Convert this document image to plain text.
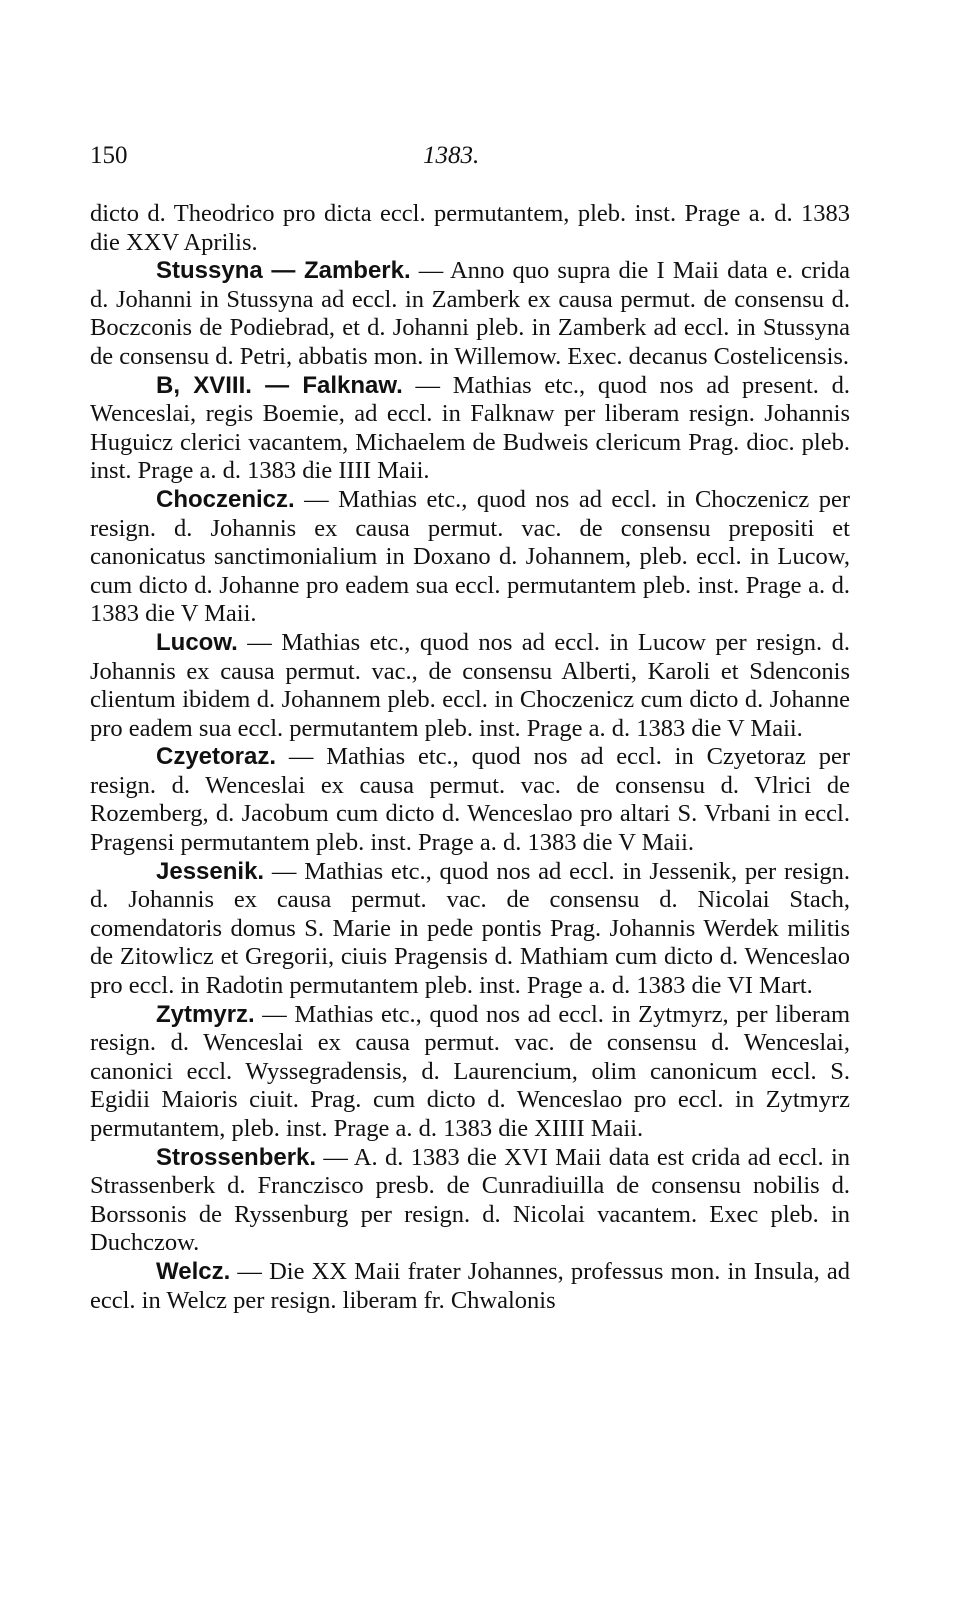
150	1383.

dicto d. Theodrico pro dicta eccl. permutantem, pleb. inst. Prage a. d. 1383 die XXV Aprilis.

Stussyna — Zamberk. — Anno quo supra die I Maii data e. crida d. Johanni in Stussyna ad eccl. in Zamberk ex causa permut. de consensu d. Boczconis de Podiebrad, et d. Johanni pleb. in Zamberk ad eccl. in Stussyna de consensu d. Petri, abbatis mon. in Willemow. Exec. decanus Costelicensis.

B, XVIII. — Falknaw. — Mathias etc., quod nos ad present. d. Wenceslai, regis Boemie, ad eccl. in Falknaw per liberam resign. Johannis Huguicz clerici vacantem, Michaelem de Budweis clericum Prag. dioc. pleb. inst. Prage a. d. 1383 die IIII Maii.

Choczenicz. — Mathias etc., quod nos ad eccl. in Choczenicz per resign. d. Johannis ex causa permut. vac. de consensu prepositi et canonicatus sanctimonialium in Doxano d. Johannem, pleb. eccl. in Lucow, cum dicto d. Johanne pro eadem sua eccl. permutantem pleb. inst. Prage a. d. 1383 die V Maii.

Lucow. — Mathias etc., quod nos ad eccl. in Lucow per resign. d. Johannis ex causa permut. vac., de consensu Alberti, Karoli et Sdenconis clientum ibidem d. Johannem pleb. eccl. in Choczenicz cum dicto d. Johanne pro eadem sua eccl. permutantem pleb. inst. Prage a. d. 1383 die V Maii.

Czyetoraz. — Mathias etc., quod nos ad eccl. in Czyetoraz per resign. d. Wenceslai ex causa permut. vac. de consensu d. Vlrici de Rozemberg, d. Jacobum cum dicto d. Wenceslao pro altari S. Vrbani in eccl. Pragensi permutantem pleb. inst. Prage a. d. 1383 die V Maii.

Jessenik. — Mathias etc., quod nos ad eccl. in Jessenik, per resign. d. Johannis ex causa permut. vac. de consensu d. Nicolai Stach, comendatoris domus S. Marie in pede pontis Prag. Johannis Werdek militis de Zitowlicz et Gregorii, ciuis Pragensis d. Mathiam cum dicto d. Wenceslao pro eccl. in Radotin permutantem pleb. inst. Prage a. d. 1383 die VI Mart.

Zytmyrz. — Mathias etc., quod nos ad eccl. in Zytmyrz, per liberam resign. d. Wenceslai ex causa permut. vac. de consensu d. Wenceslai, canonici eccl. Wyssegradensis, d. Laurencium, olim canonicum eccl. S. Egidii Maioris ciuit. Prag. cum dicto d. Wenceslao pro eccl. in Zytmyrz permutantem, pleb. inst. Prage a. d. 1383 die XIIII Maii.

Strossenberk. — A. d. 1383 die XVI Maii data est crida ad eccl. in Strassenberk d. Franczisco presb. de Cunradiuilla de consensu nobilis d. Borssonis de Ryssenburg per resign. d. Nicolai vacantem. Exec pleb. in Duchczow.

Welcz. — Die XX Maii frater Johannes, professus mon. in Insula, ad eccl. in Welcz per resign. liberam fr. Chwalonis
